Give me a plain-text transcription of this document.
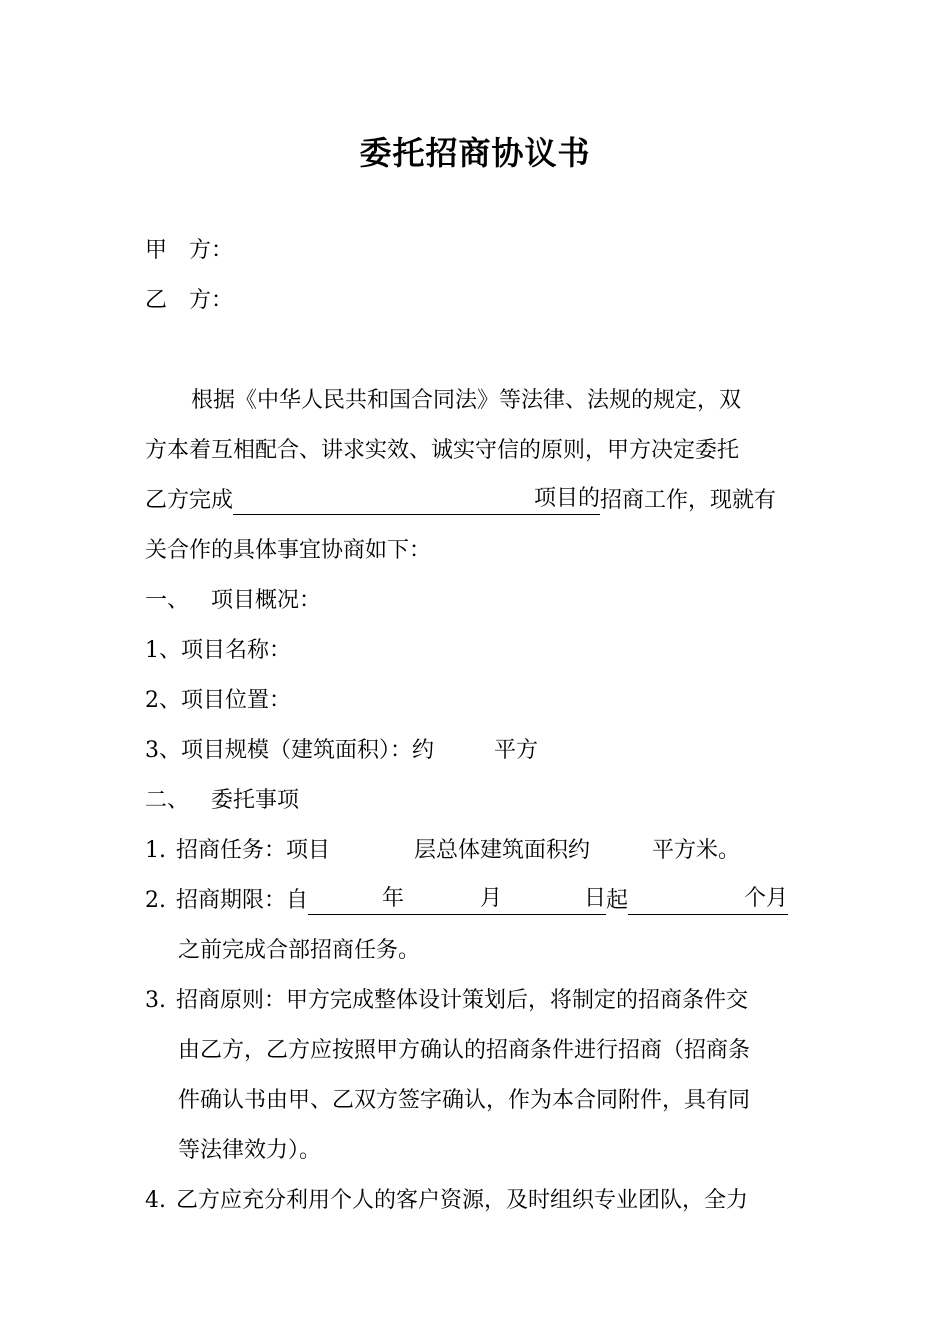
委托招商协议书
甲 方：
乙 方：
根据《中华人民共和国合同法》等法律、法规的规定，双
方本着互相配合、讲求实效、诚实守信的原则，甲方决定委托
乙方完成	项目的 招商工作，现就有
关合作的具体事宜协商如下：
一、 项目概况：
1、项目名称：
2、项目位置：
3、项目规模（建筑面积）：约	平方
二、 委托事项
1. 招商任务：项目	层总体建筑面积约	平方米。
2. 招商期限：自	年	月	日 起	个月
之前完成合部招商任务。
3. 招商原则：甲方完成整体设计策划后，将制定的招商条件交
由乙方，乙方应按照甲方确认的招商条件进行招商（招商条
件确认书由甲、乙双方签字确认，作为本合同附件，具有同
等法律效力）。
4. 乙方应充分利用个人的客户资源，及时组织专业团队，全力
